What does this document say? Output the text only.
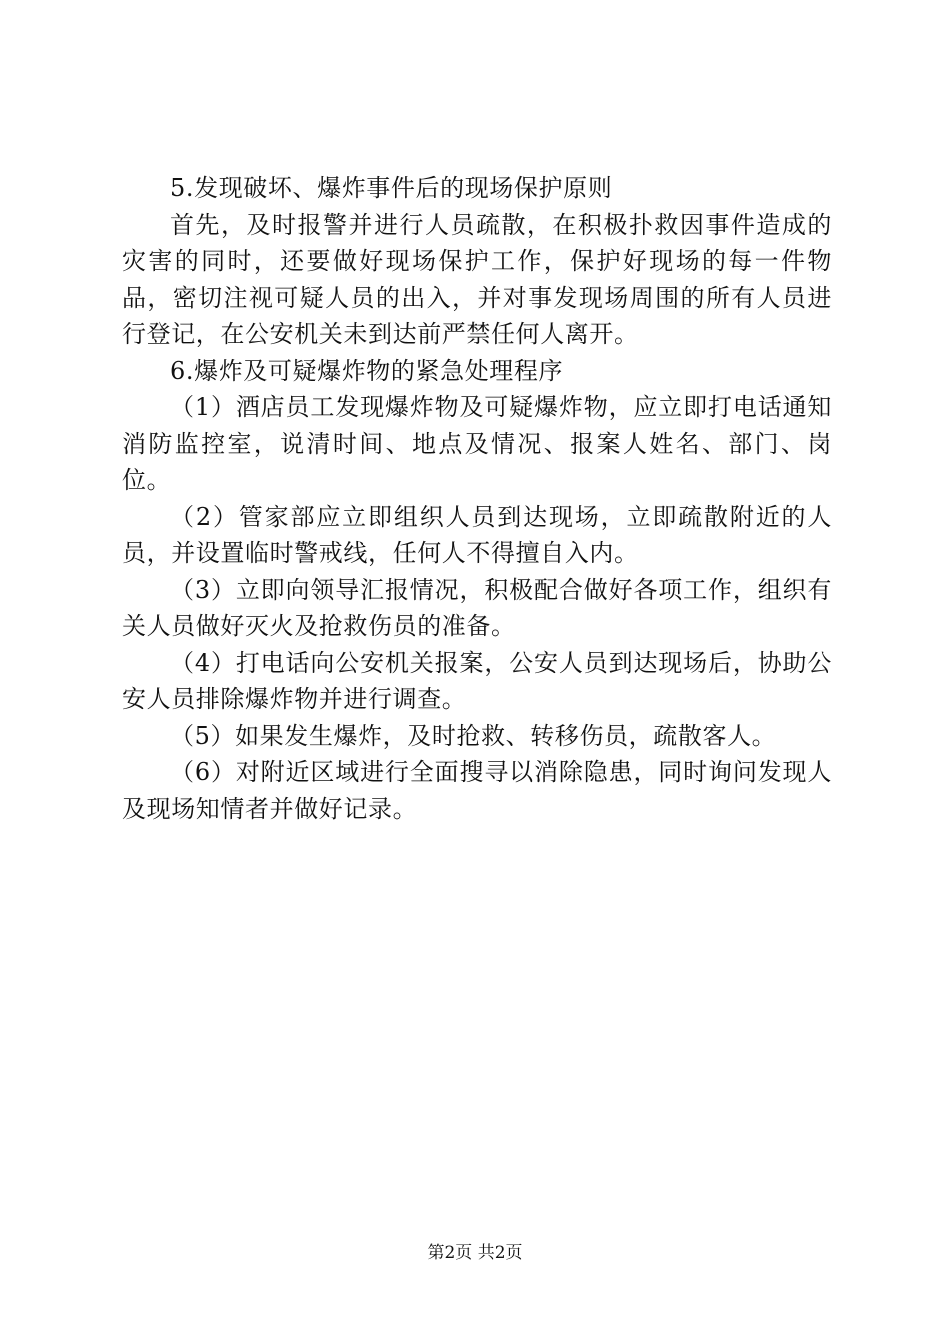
5.发现破坏、爆炸事件后的现场保护原则

首先，及时报警并进行人员疏散，在积极扑救因事件造成的灾害的同时，还要做好现场保护工作，保护好现场的每一件物品，密切注视可疑人员的出入，并对事发现场周围的所有人员进行登记，在公安机关未到达前严禁任何人离开。

6.爆炸及可疑爆炸物的紧急处理程序

（1）酒店员工发现爆炸物及可疑爆炸物，应立即打电话通知消防监控室，说清时间、地点及情况、报案人姓名、部门、岗位。

（2）管家部应立即组织人员到达现场，立即疏散附近的人员，并设置临时警戒线，任何人不得擅自入内。

（3）立即向领导汇报情况，积极配合做好各项工作，组织有关人员做好灭火及抢救伤员的准备。

（4）打电话向公安机关报案，公安人员到达现场后，协助公安人员排除爆炸物并进行调查。

（5）如果发生爆炸，及时抢救、转移伤员，疏散客人。

（6）对附近区域进行全面搜寻以消除隐患，同时询问发现人及现场知情者并做好记录。

第2页 共2页
